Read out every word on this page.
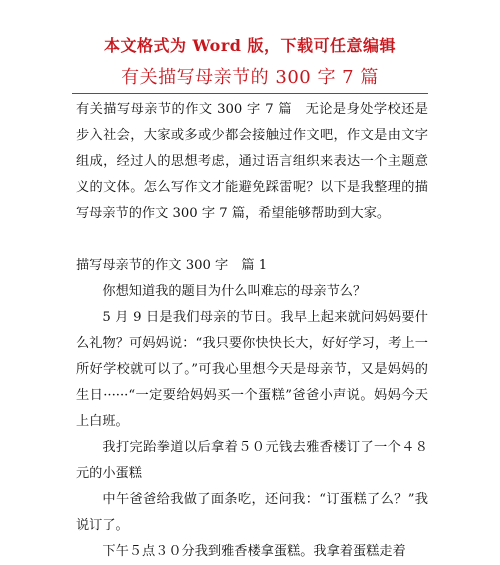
本文格式为 Word 版，下载可任意编辑
有关描写母亲节的 300 字 7 篇

有关描写母亲节的作文 300 字 7 篇　无论是身处学校还是步入社会，大家或多或少都会接触过作文吧，作文是由文字组成，经过人的思想考虑，通过语言组织来表达一个主题意义的文体。怎么写作文才能避免踩雷呢？以下是我整理的描写母亲节的作文 300 字 7 篇，希望能够帮助到大家。

描写母亲节的作文 300 字　篇 1

你想知道我的题目为什么叫难忘的母亲节么？

5 月 9 日是我们母亲的节日。我早上起来就问妈妈要什么礼物？可妈妈说：“我只要你快快长大，好好学习，考上一所好学校就可以了。”可我心里想今天是母亲节，又是妈妈的生日······“一定要给妈妈买一个蛋糕”爸爸小声说。妈妈今天上白班。

我打完跆拳道以后拿着５０元钱去雅香楼订了一个４８元的小蛋糕

中午爸爸给我做了面条吃，还问我：“订蛋糕了么？”我说订了。

下午５点３０分我到雅香楼拿蛋糕。我拿着蛋糕走着
